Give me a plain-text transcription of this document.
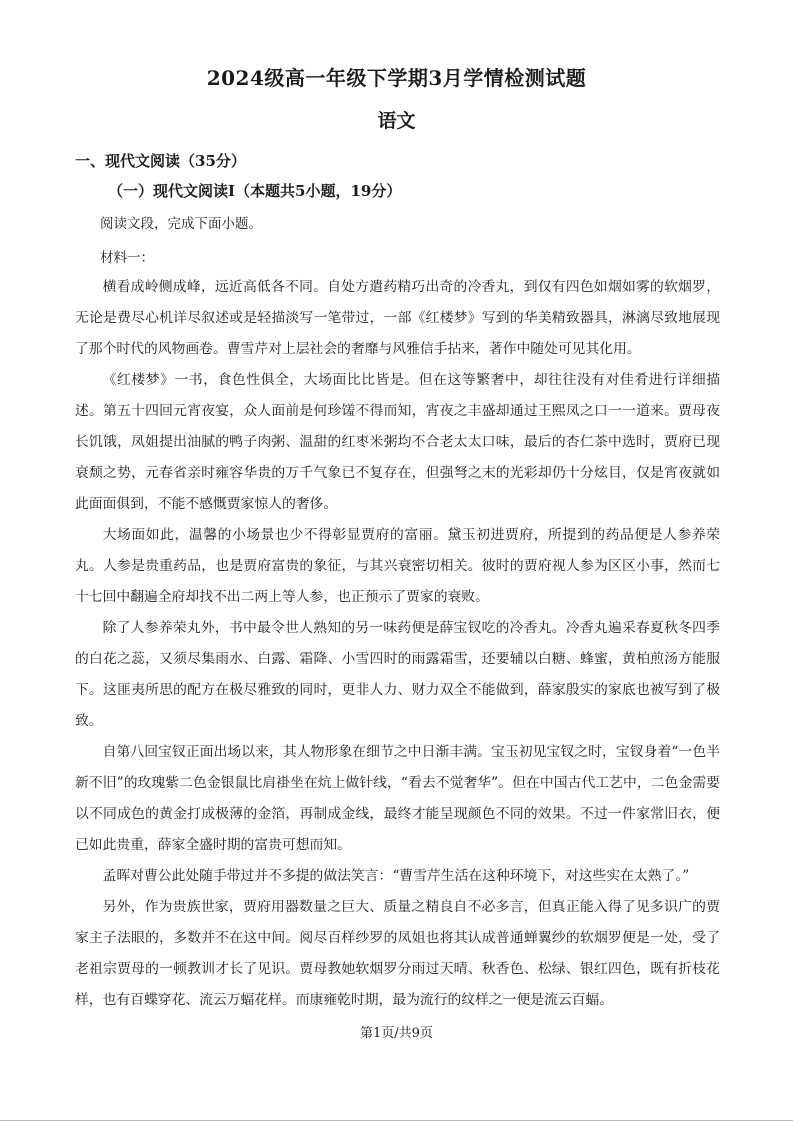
2024级高一年级下学期3月学情检测试题
语文
一、现代文阅读（35分）
（一）现代文阅读Ⅰ（本题共5小题，19分）
阅读文段，完成下面小题。
材料一：

横看成岭侧成峰，远近高低各不同。自处方遣药精巧出奇的冷香丸，到仅有四色如烟如雾的软烟罗，无论是费尽心机详尽叙述或是轻描淡写一笔带过，一部《红楼梦》写到的华美精致器具，淋漓尽致地展现了那个时代的风物画卷。曹雪芹对上层社会的奢靡与风雅信手拈来，著作中随处可见其化用。

《红楼梦》一书，食色性俱全，大场面比比皆是。但在这等繁奢中，却往往没有对佳肴进行详细描述。第五十四回元宵夜宴，众人面前是何珍馐不得而知，宵夜之丰盛却通过王熙凤之口一一道来。贾母夜长饥饿，凤姐提出油腻的鸭子肉粥、温甜的红枣米粥均不合老太太口味，最后的杏仁茶中选时，贾府已现衰颓之势，元春省亲时雍容华贵的万千气象已不复存在，但强弩之末的光彩却仍十分炫目，仅是宵夜就如此面面俱到，不能不感慨贾家惊人的奢侈。

大场面如此，温馨的小场景也少不得彰显贾府的富丽。黛玉初进贾府，所提到的药品便是人参养荣丸。人参是贵重药品，也是贾府富贵的象征，与其兴衰密切相关。彼时的贾府视人参为区区小事，然而七十七回中翻遍全府却找不出二两上等人参，也正预示了贾家的衰败。

除了人参养荣丸外，书中最令世人熟知的另一味药便是薛宝钗吃的冷香丸。冷香丸遍采春夏秋冬四季的白花之蕊，又须尽集雨水、白露、霜降、小雪四时的雨露霜雪，还要辅以白糖、蜂蜜，黄柏煎汤方能服下。这匪夷所思的配方在极尽雅致的同时，更非人力、财力双全不能做到，薛家殷实的家底也被写到了极致。

自第八回宝钗正面出场以来，其人物形象在细节之中日渐丰满。宝玉初见宝钗之时，宝钗身着“一色半新不旧”的玫瑰紫二色金银鼠比肩褂坐在炕上做针线，“看去不觉奢华”。但在中国古代工艺中，二色金需要以不同成色的黄金打成极薄的金箔，再制成金线，最终才能呈现颜色不同的效果。不过一件家常旧衣，便已如此贵重，薛家全盛时期的富贵可想而知。

孟晖对曹公此处随手带过并不多提的做法笑言：“曹雪芹生活在这种环境下，对这些实在太熟了。”

另外，作为贵族世家，贾府用器数量之巨大、质量之精良自不必多言，但真正能入得了见多识广的贾家主子法眼的，多数并不在这中间。阅尽百样纱罗的凤姐也将其认成普通蝉翼纱的软烟罗便是一处，受了老祖宗贾母的一顿教训才长了见识。贾母教她软烟罗分雨过天晴、秋香色、松绿、银红四色，既有折枝花样，也有百蝶穿花、流云万蝠花样。而康雍乾时期，最为流行的纹样之一便是流云百蝠。

第1页/共9页
